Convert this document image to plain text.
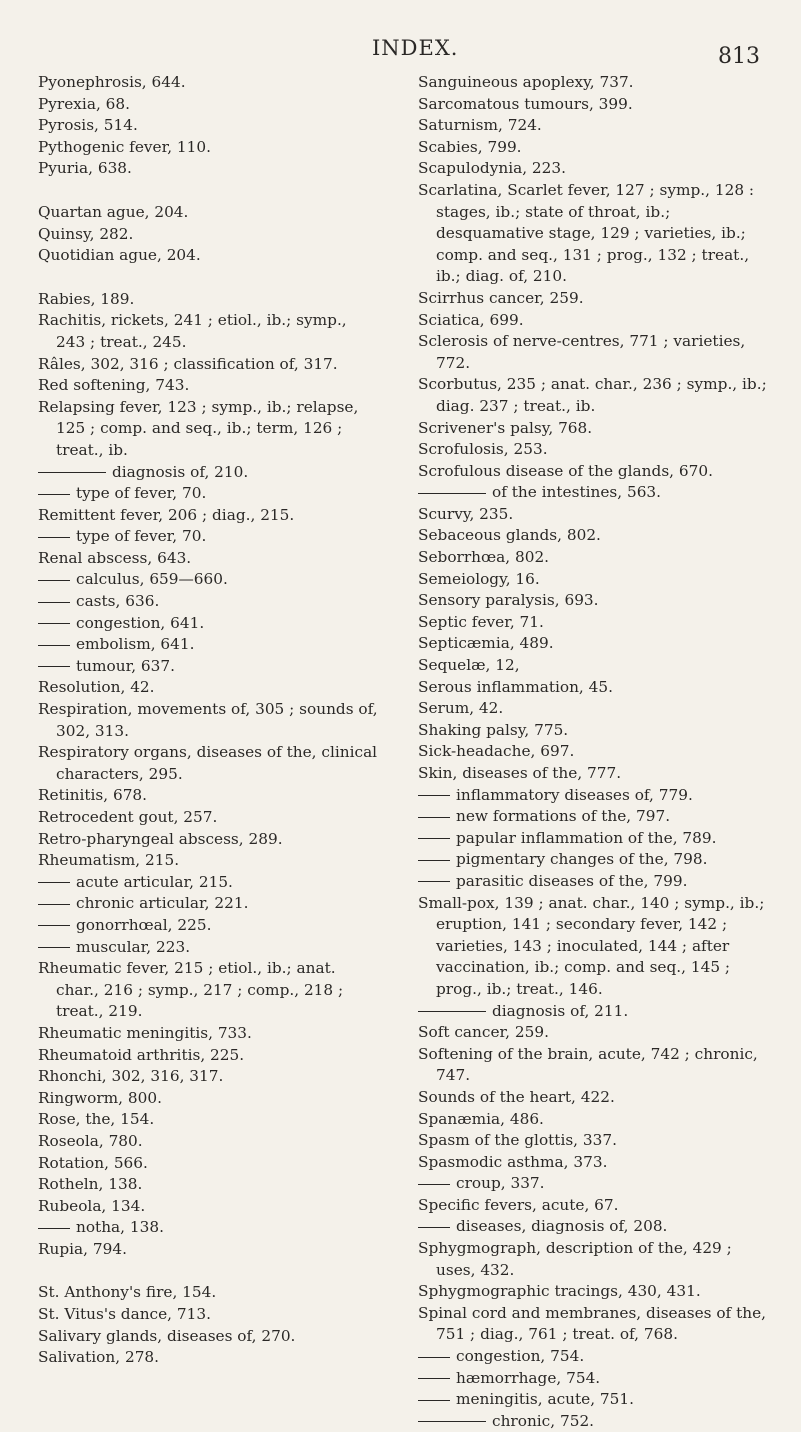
INDEX.	813
Pyonephrosis, 644.
Pyrexia, 68.
Pyrosis, 514.
Pythogenic fever, 110.
Pyuria, 638.
Quartan ague, 204.
Quinsy, 282.
Quotidian ague, 204.
Rabies, 189.
Rachitis, rickets, 241 ; etiol., ib.; symp., 243 ; treat., 245.
Râles, 302, 316 ; classification of, 317.
Red softening, 743.
Relapsing fever, 123 ; symp., ib.; relapse, 125 ; comp. and seq., ib.; term, 126 ; treat., ib.
diagnosis of, 210.
type of fever, 70.
Remittent fever, 206 ; diag., 215.
type of fever, 70.
Renal abscess, 643.
calculus, 659—660.
casts, 636.
congestion, 641.
embolism, 641.
tumour, 637.
Resolution, 42.
Respiration, movements of, 305 ; sounds of, 302, 313.
Respiratory organs, diseases of the, clinical characters, 295.
Retinitis, 678.
Retrocedent gout, 257.
Retro-pharyngeal abscess, 289.
Rheumatism, 215.
acute articular, 215.
chronic articular, 221.
gonorrhœal, 225.
muscular, 223.
Rheumatic fever, 215 ; etiol., ib.; anat. char., 216 ; symp., 217 ; comp., 218 ; treat., 219.
Rheumatic meningitis, 733.
Rheumatoid arthritis, 225.
Rhonchi, 302, 316, 317.
Ringworm, 800.
Rose, the, 154.
Roseola, 780.
Rotation, 566.
Rotheln, 138.
Rubeola, 134.
notha, 138.
Rupia, 794.
St. Anthony's fire, 154.
St. Vitus's dance, 713.
Salivary glands, diseases of, 270.
Salivation, 278.
Sanguineous apoplexy, 737.
Sarcomatous tumours, 399.
Saturnism, 724.
Scabies, 799.
Scapulodynia, 223.
Scarlatina, Scarlet fever, 127 ; symp., 128 : stages, ib.; state of throat, ib.; desquamative stage, 129 ; varieties, ib.; comp. and seq., 131 ; prog., 132 ; treat., ib.; diag. of, 210.
Scirrhus cancer, 259.
Sciatica, 699.
Sclerosis of nerve-centres, 771 ; varieties, 772.
Scorbutus, 235 ; anat. char., 236 ; symp., ib.; diag. 237 ; treat., ib.
Scrivener's palsy, 768.
Scrofulosis, 253.
Scrofulous disease of the glands, 670.
of the intestines, 563.
Scurvy, 235.
Sebaceous glands, 802.
Seborrhœa, 802.
Semeiology, 16.
Sensory paralysis, 693.
Septic fever, 71.
Septicæmia, 489.
Sequelæ, 12,
Serous inflammation, 45.
Serum, 42.
Shaking palsy, 775.
Sick-headache, 697.
Skin, diseases of the, 777.
inflammatory diseases of, 779.
new formations of the, 797.
papular inflammation of the, 789.
pigmentary changes of the, 798.
parasitic diseases of the, 799.
Small-pox, 139 ; anat. char., 140 ; symp., ib.; eruption, 141 ; secondary fever, 142 ; varieties, 143 ; inoculated, 144 ; after vaccination, ib.; comp. and seq., 145 ; prog., ib.; treat., 146.
diagnosis of, 211.
Soft cancer, 259.
Softening of the brain, acute, 742 ; chronic, 747.
Sounds of the heart, 422.
Spanæmia, 486.
Spasm of the glottis, 337.
Spasmodic asthma, 373.
croup, 337.
Specific fevers, acute, 67.
diseases, diagnosis of, 208.
Sphygmograph, description of the, 429 ; uses, 432.
Sphygmographic tracings, 430, 431.
Spinal cord and membranes, diseases of the, 751 ; diag., 761 ; treat. of, 768.
congestion, 754.
hæmorrhage, 754.
meningitis, acute, 751.
chronic, 752.
